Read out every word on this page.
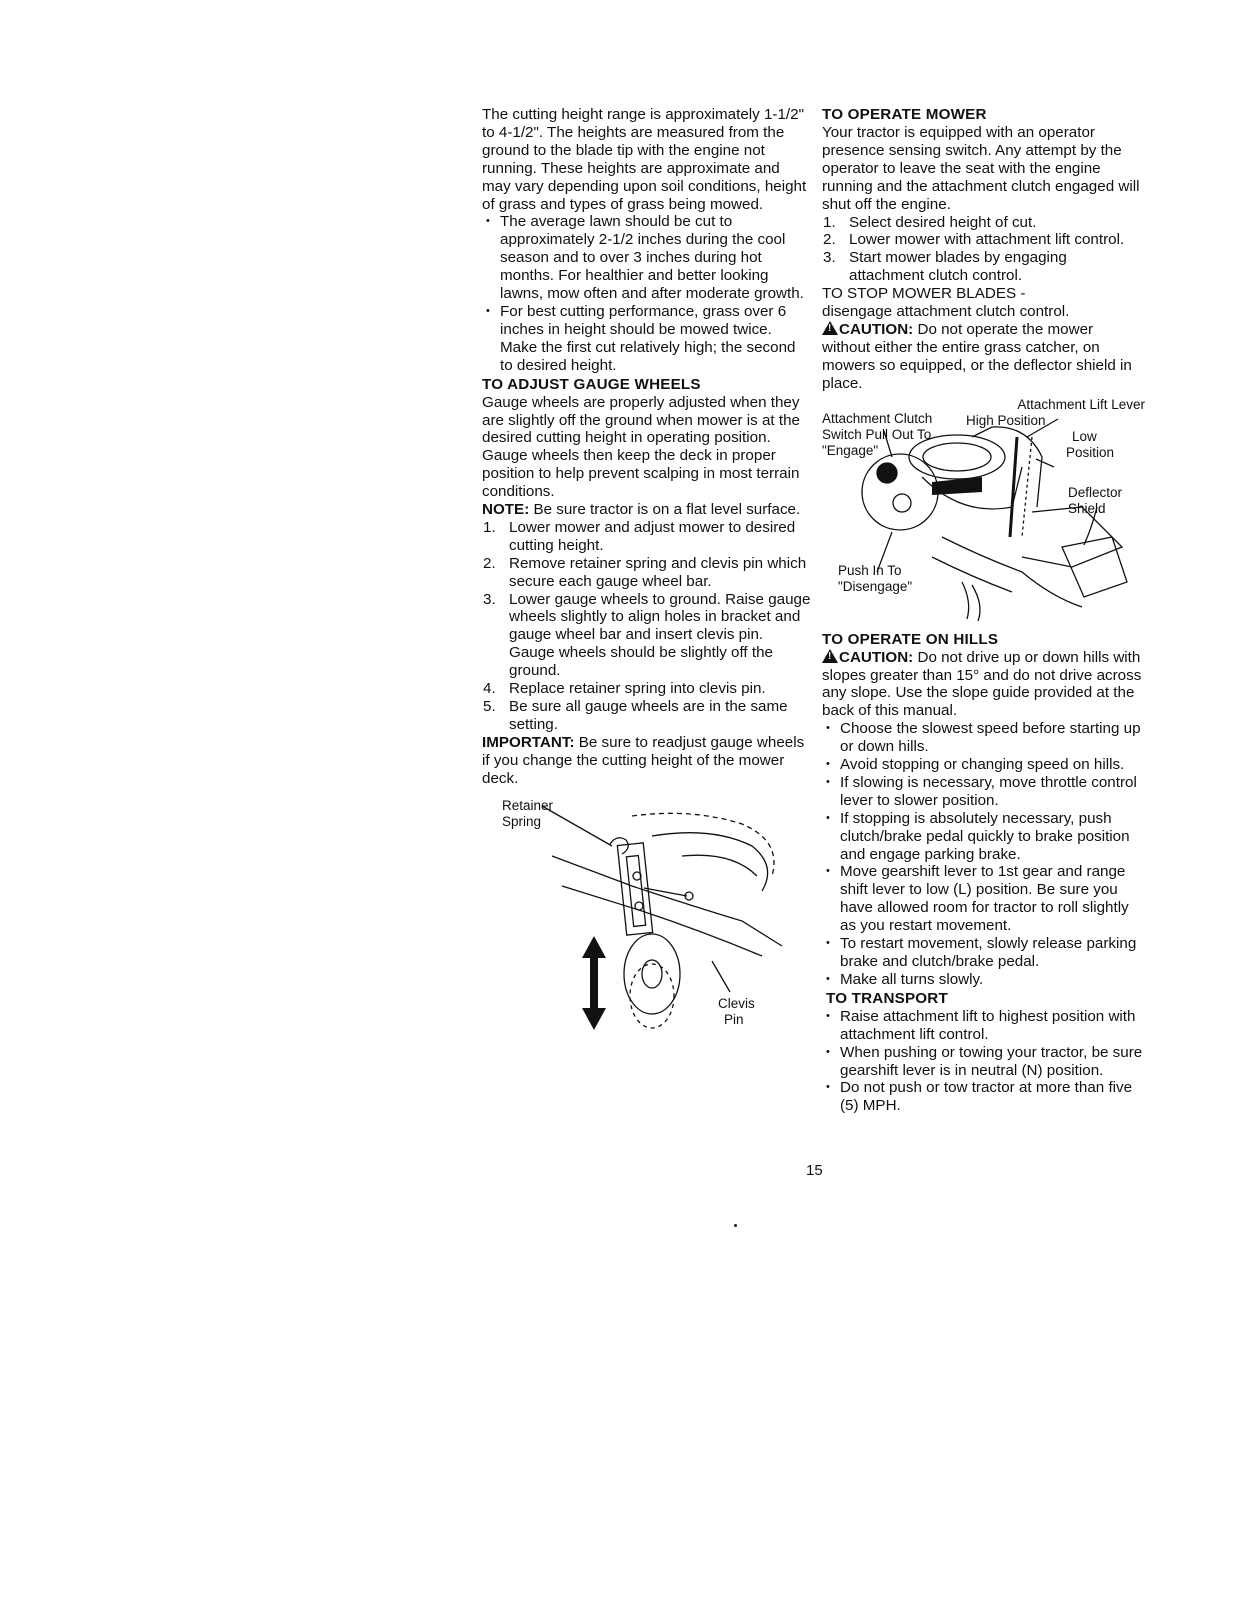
The cutting height range is approximately 1-1/2" to 4-1/2". The heights are measured from the ground to the blade tip with the engine not running. These heights are approximate and may vary depending upon soil conditions, height of grass and types of grass being mowed.

• The average lawn should be cut to approximately 2-1/2 inches during the cool season and to over 3 inches during hot months. For healthier and better looking lawns, mow often and after moderate growth.
• For best cutting performance, grass over 6 inches in height should be mowed twice. Make the first cut relatively high; the second to desired height.
TO ADJUST GAUGE WHEELS

Gauge wheels are properly adjusted when they are slightly off the ground when mower is at the desired cutting height in operating position. Gauge wheels then keep the deck in proper position to help prevent scalping in most terrain conditions.

NOTE: Be sure tractor is on a flat level surface.

1. Lower mower and adjust mower to desired cutting height.
2. Remove retainer spring and clevis pin which secure each gauge wheel bar.
3. Lower gauge wheels to ground. Raise gauge wheels slightly to align holes in bracket and gauge wheel bar and insert clevis pin. Gauge wheels should be slightly off the ground.
4. Replace retainer spring into clevis pin.
5. Be sure all gauge wheels are in the same setting.

IMPORTANT: Be sure to readjust gauge wheels if you change the cutting height of the mower deck.

Retainer
Spring
Clevis
Pin
TO OPERATE MOWER

Your tractor is equipped with an operator presence sensing switch. Any attempt by the operator to leave the seat with the engine running and the attachment clutch engaged will shut off the engine.

1. Select desired height of cut.
2. Lower mower with attachment lift control.
3. Start mower blades by engaging attachment clutch control.

TO STOP MOWER BLADES -

disengage attachment clutch control.

!CAUTION: Do not operate the mower without either the entire grass catcher, on mowers so equipped, or the deflector shield in place.

Attachment Lift Lever
Attachment Clutch High Position
Switch Pull Out To	Low
"Engage"	Position
Deflector
Shield
Push In To
"Disengage"
TO OPERATE ON HILLS

!CAUTION: Do not drive up or down hills with slopes greater than 15° and do not drive across any slope. Use the slope guide provided at the back of this manual.

• Choose the slowest speed before starting up or down hills.
• Avoid stopping or changing speed on hills.
• If slowing is necessary, move throttle control lever to slower position.
• If stopping is absolutely necessary, push clutch/brake pedal quickly to brake position and engage parking brake.
• Move gearshift lever to 1st gear and range shift lever to low (L) position. Be sure you have allowed room for tractor to roll slightly as you restart movement.
• To restart movement, slowly release parking brake and clutch/brake pedal.
• Make all turns slowly.
TO TRANSPORT
• Raise attachment lift to highest position with attachment lift control.
• When pushing or towing your tractor, be sure gearshift lever is in neutral (N) position.
• Do not push or tow tractor at more than five (5) MPH.
15
